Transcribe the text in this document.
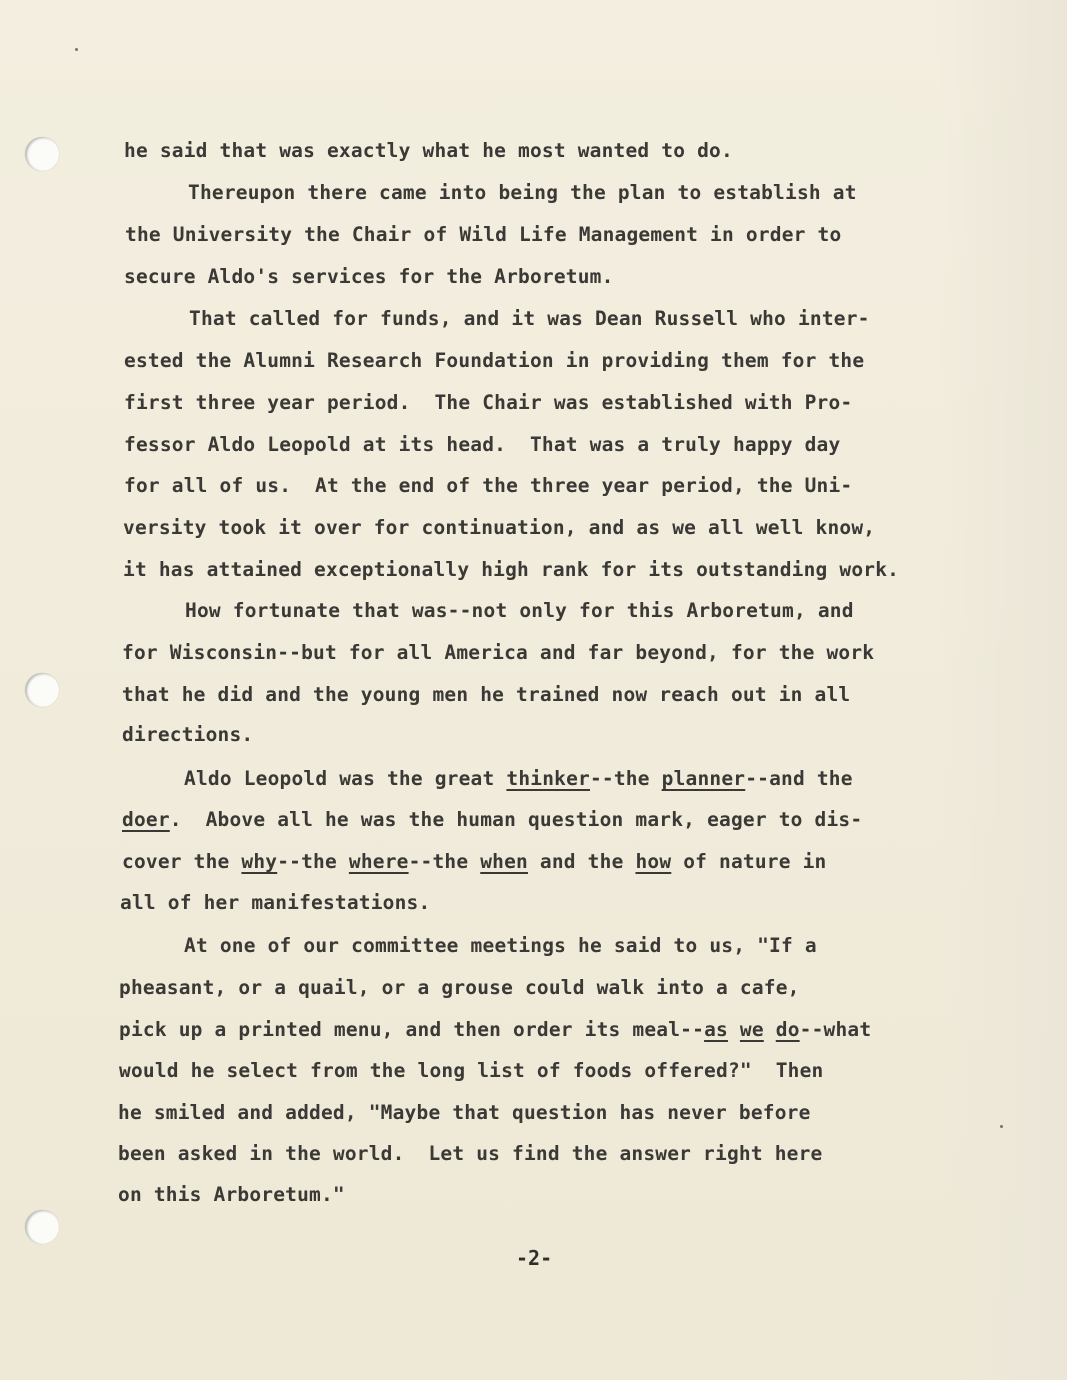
he said that was exactly what he most wanted to do.
Thereupon there came into being the plan to establish at
the University the Chair of Wild Life Management in order to
secure Aldo's services for the Arboretum.
That called for funds, and it was Dean Russell who inter-
ested the Alumni Research Foundation in providing them for the
first three year period.  The Chair was established with Pro-
fessor Aldo Leopold at its head.  That was a truly happy day
for all of us.  At the end of the three year period, the Uni-
versity took it over for continuation, and as we all well know,
it has attained exceptionally high rank for its outstanding work.
How fortunate that was--not only for this Arboretum, and
for Wisconsin--but for all America and far beyond, for the work
that he did and the young men he trained now reach out in all
directions.
Aldo Leopold was the great thinker--the planner--and the
doer.  Above all he was the human question mark, eager to dis-
cover the why--the where--the when and the how of nature in
all of her manifestations.
At one of our committee meetings he said to us, "If a
pheasant, or a quail, or a grouse could walk into a cafe,
pick up a printed menu, and then order its meal--as we do--what
would he select from the long list of foods offered?"  Then
he smiled and added, "Maybe that question has never before
been asked in the world.  Let us find the answer right here
on this Arboretum."
-2-
